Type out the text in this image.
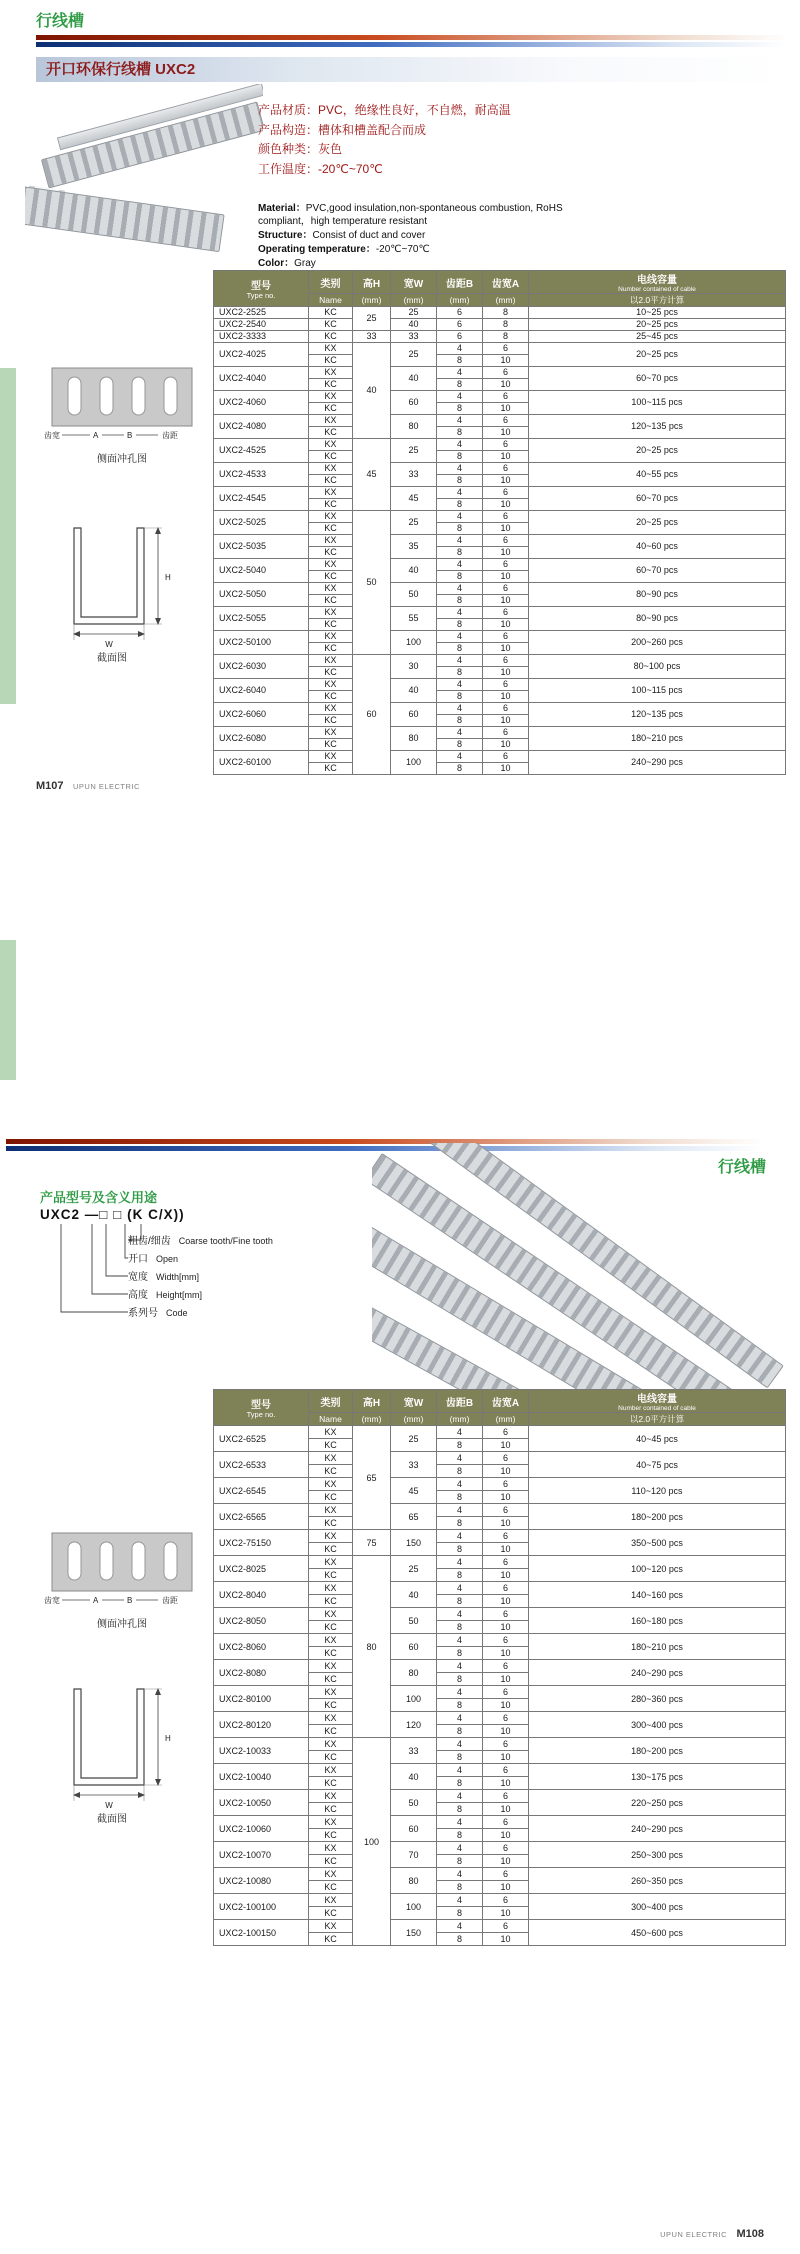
行线槽
开口环保行线槽 UXC2
产品材质：PVC，绝缘性良好，不自燃，耐高温
产品构造：槽体和槽盖配合而成
颜色种类：灰色
工作温度：-20℃~70℃
Material：PVC,good insulation,non-spontaneous combustion, RoHS compliant，high temperature resistant
Structure：Consist of duct and cover
Operating temperature：-20℃~70℃
Color：Gray
齿宽	A	B	齿距
侧面冲孔图
H
W
截面图
型号
Type no.	类别	高H	宽W	齿距B	齿宽A	电线容量
Number contained of cable

	Name	(mm)	(mm)	(mm)	(mm)	以2.0平方计算
UXC2-2525	KC	25	25	6	8	10~25 pcs
UXC2-2540	KC		40	6	8	20~25 pcs
UXC2-3333	KC	33	33	6	8	25~45 pcs
UXC2-4025	KX	40	25	4	6	20~25 pcs
	KC			8	10	
UXC2-4040	KX		40	4	6	60~70 pcs
	KC			8	10	
UXC2-4060	KX		60	4	6	100~115 pcs
	KC			8	10	
UXC2-4080	KX		80	4	6	120~135 pcs
	KC			8	10	
UXC2-4525	KX	45	25	4	6	20~25 pcs
	KC			8	10	
UXC2-4533	KX		33	4	6	40~55 pcs
	KC			8	10	
UXC2-4545	KX		45	4	6	60~70 pcs
	KC			8	10	
UXC2-5025	KX	50	25	4	6	20~25 pcs
	KC			8	10	
UXC2-5035	KX		35	4	6	40~60 pcs
	KC			8	10	
UXC2-5040	KX		40	4	6	60~70 pcs
	KC			8	10	
UXC2-5050	KX		50	4	6	80~90 pcs
	KC			8	10	
UXC2-5055	KX		55	4	6	80~90 pcs
	KC			8	10	
UXC2-50100	KX		100	4	6	200~260 pcs
	KC			8	10	
UXC2-6030	KX	60	30	4	6	80~100 pcs
	KC			8	10	
UXC2-6040	KX		40	4	6	100~115 pcs
	KC			8	10	
UXC2-6060	KX		60	4	6	120~135 pcs
	KC			8	10	
UXC2-6080	KX		80	4	6	180~210 pcs
	KC			8	10	
UXC2-60100	KX		100	4	6	240~290 pcs
	KC			8	10	
M107 UPUN ELECTRIC
行线槽
产品型号及含义用途
UXC2 —□ □ (K C/X))
粗齿/细齿 Coarse tooth/Fine tooth
开口 Open
宽度 Width[mm]
高度 Height[mm]
系列号 Code
齿宽	A	B	齿距
侧面冲孔图
H
W
截面图
型号
Type no.	类别	高H	宽W	齿距B	齿宽A	电线容量
Number contained of cable

	Name	(mm)	(mm)	(mm)	(mm)	以2.0平方计算
UXC2-6525	KX	65	25	4	6	40~45 pcs
	KC			8	10	
UXC2-6533	KX		33	4	6	40~75 pcs
	KC			8	10	
UXC2-6545	KX		45	4	6	110~120 pcs
	KC			8	10	
UXC2-6565	KX		65	4	6	180~200 pcs
	KC			8	10	
UXC2-75150	KX	75	150	4	6	350~500 pcs
	KC			8	10	
UXC2-8025	KX	80	25	4	6	100~120 pcs
	KC			8	10	
UXC2-8040	KX		40	4	6	140~160 pcs
	KC			8	10	
UXC2-8050	KX		50	4	6	160~180 pcs
	KC			8	10	
UXC2-8060	KX		60	4	6	180~210 pcs
	KC			8	10	
UXC2-8080	KX		80	4	6	240~290 pcs
	KC			8	10	
UXC2-80100	KX		100	4	6	280~360 pcs
	KC			8	10	
UXC2-80120	KX		120	4	6	300~400 pcs
	KC			8	10	
UXC2-10033	KX	100	33	4	6	180~200 pcs
	KC			8	10	
UXC2-10040	KX		40	4	6	130~175 pcs
	KC			8	10	
UXC2-10050	KX		50	4	6	220~250 pcs
	KC			8	10	
UXC2-10060	KX		60	4	6	240~290 pcs
	KC			8	10	
UXC2-10070	KX		70	4	6	250~300 pcs
	KC			8	10	
UXC2-10080	KX		80	4	6	260~350 pcs
	KC			8	10	
UXC2-100100	KX		100	4	6	300~400 pcs
	KC			8	10	
UXC2-100150	KX		150	4	6	450~600 pcs
	KC			8	10	
UPUN ELECTRIC M108
